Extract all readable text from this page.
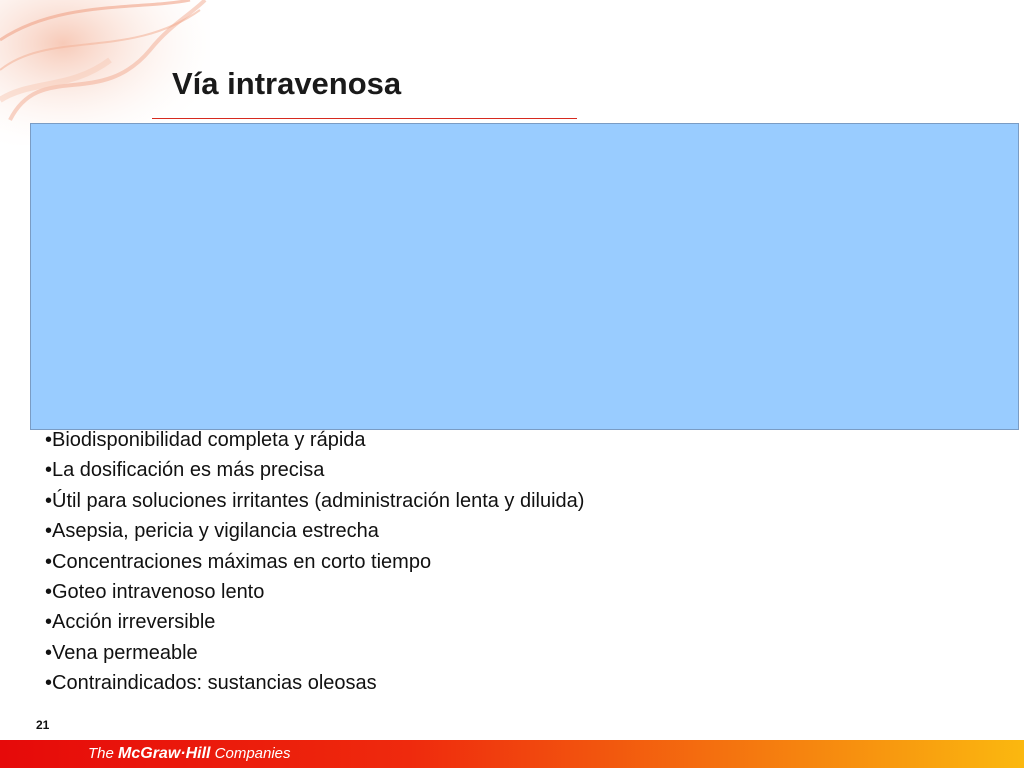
Vía intravenosa
•Biodisponibilidad completa y rápida
•La dosificación es más precisa
•Útil para soluciones irritantes (administración lenta y diluida)
•Asepsia, pericia y vigilancia estrecha
•Concentraciones máximas en corto tiempo
•Goteo intravenoso lento
•Acción irreversible
•Vena permeable
•Contraindicados: sustancias oleosas
21
The McGraw·Hill Companies
